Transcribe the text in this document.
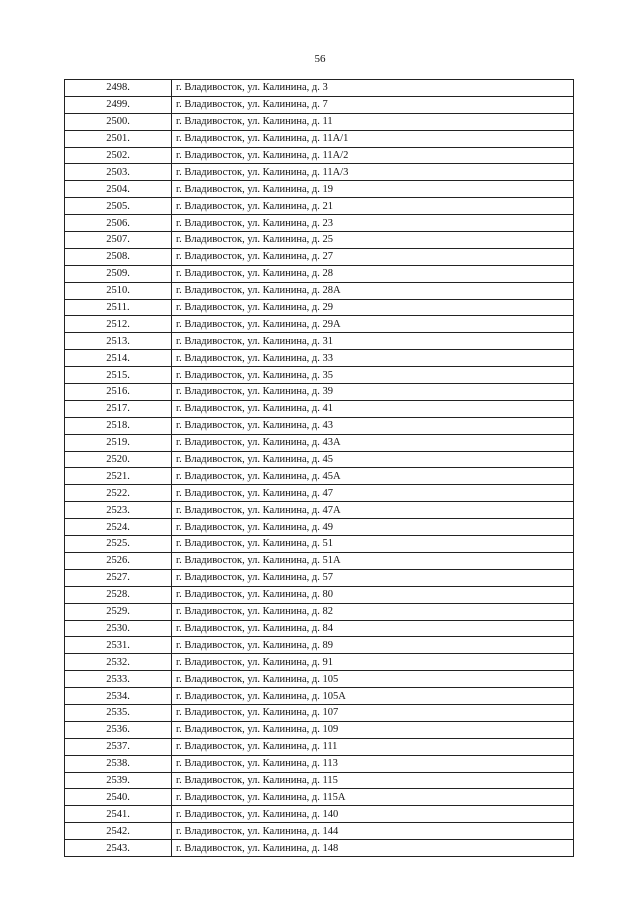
56
2498.	г. Владивосток, ул. Калинина, д. 3
2499.	г. Владивосток, ул. Калинина, д. 7
2500.	г. Владивосток, ул. Калинина, д. 11
2501.	г. Владивосток, ул. Калинина, д. 11А/1
2502.	г. Владивосток, ул. Калинина, д. 11А/2
2503.	г. Владивосток, ул. Калинина, д. 11А/3
2504.	г. Владивосток, ул. Калинина, д. 19
2505.	г. Владивосток, ул. Калинина, д. 21
2506.	г. Владивосток, ул. Калинина, д. 23
2507.	г. Владивосток, ул. Калинина, д. 25
2508.	г. Владивосток, ул. Калинина, д. 27
2509.	г. Владивосток, ул. Калинина, д. 28
2510.	г. Владивосток, ул. Калинина, д. 28А
2511.	г. Владивосток, ул. Калинина, д. 29
2512.	г. Владивосток, ул. Калинина, д. 29А
2513.	г. Владивосток, ул. Калинина, д. 31
2514.	г. Владивосток, ул. Калинина, д. 33
2515.	г. Владивосток, ул. Калинина, д. 35
2516.	г. Владивосток, ул. Калинина, д. 39
2517.	г. Владивосток, ул. Калинина, д. 41
2518.	г. Владивосток, ул. Калинина, д. 43
2519.	г. Владивосток, ул. Калинина, д. 43А
2520.	г. Владивосток, ул. Калинина, д. 45
2521.	г. Владивосток, ул. Калинина, д. 45А
2522.	г. Владивосток, ул. Калинина, д. 47
2523.	г. Владивосток, ул. Калинина, д. 47А
2524.	г. Владивосток, ул. Калинина, д. 49
2525.	г. Владивосток, ул. Калинина, д. 51
2526.	г. Владивосток, ул. Калинина, д. 51А
2527.	г. Владивосток, ул. Калинина, д. 57
2528.	г. Владивосток, ул. Калинина, д. 80
2529.	г. Владивосток, ул. Калинина, д. 82
2530.	г. Владивосток, ул. Калинина, д. 84
2531.	г. Владивосток, ул. Калинина, д. 89
2532.	г. Владивосток, ул. Калинина, д. 91
2533.	г. Владивосток, ул. Калинина, д. 105
2534.	г. Владивосток, ул. Калинина, д. 105А
2535.	г. Владивосток, ул. Калинина, д. 107
2536.	г. Владивосток, ул. Калинина, д. 109
2537.	г. Владивосток, ул. Калинина, д. 111
2538.	г. Владивосток, ул. Калинина, д. 113
2539.	г. Владивосток, ул. Калинина, д. 115
2540.	г. Владивосток, ул. Калинина, д. 115А
2541.	г. Владивосток, ул. Калинина, д. 140
2542.	г. Владивосток, ул. Калинина, д. 144
2543.	г. Владивосток, ул. Калинина, д. 148
